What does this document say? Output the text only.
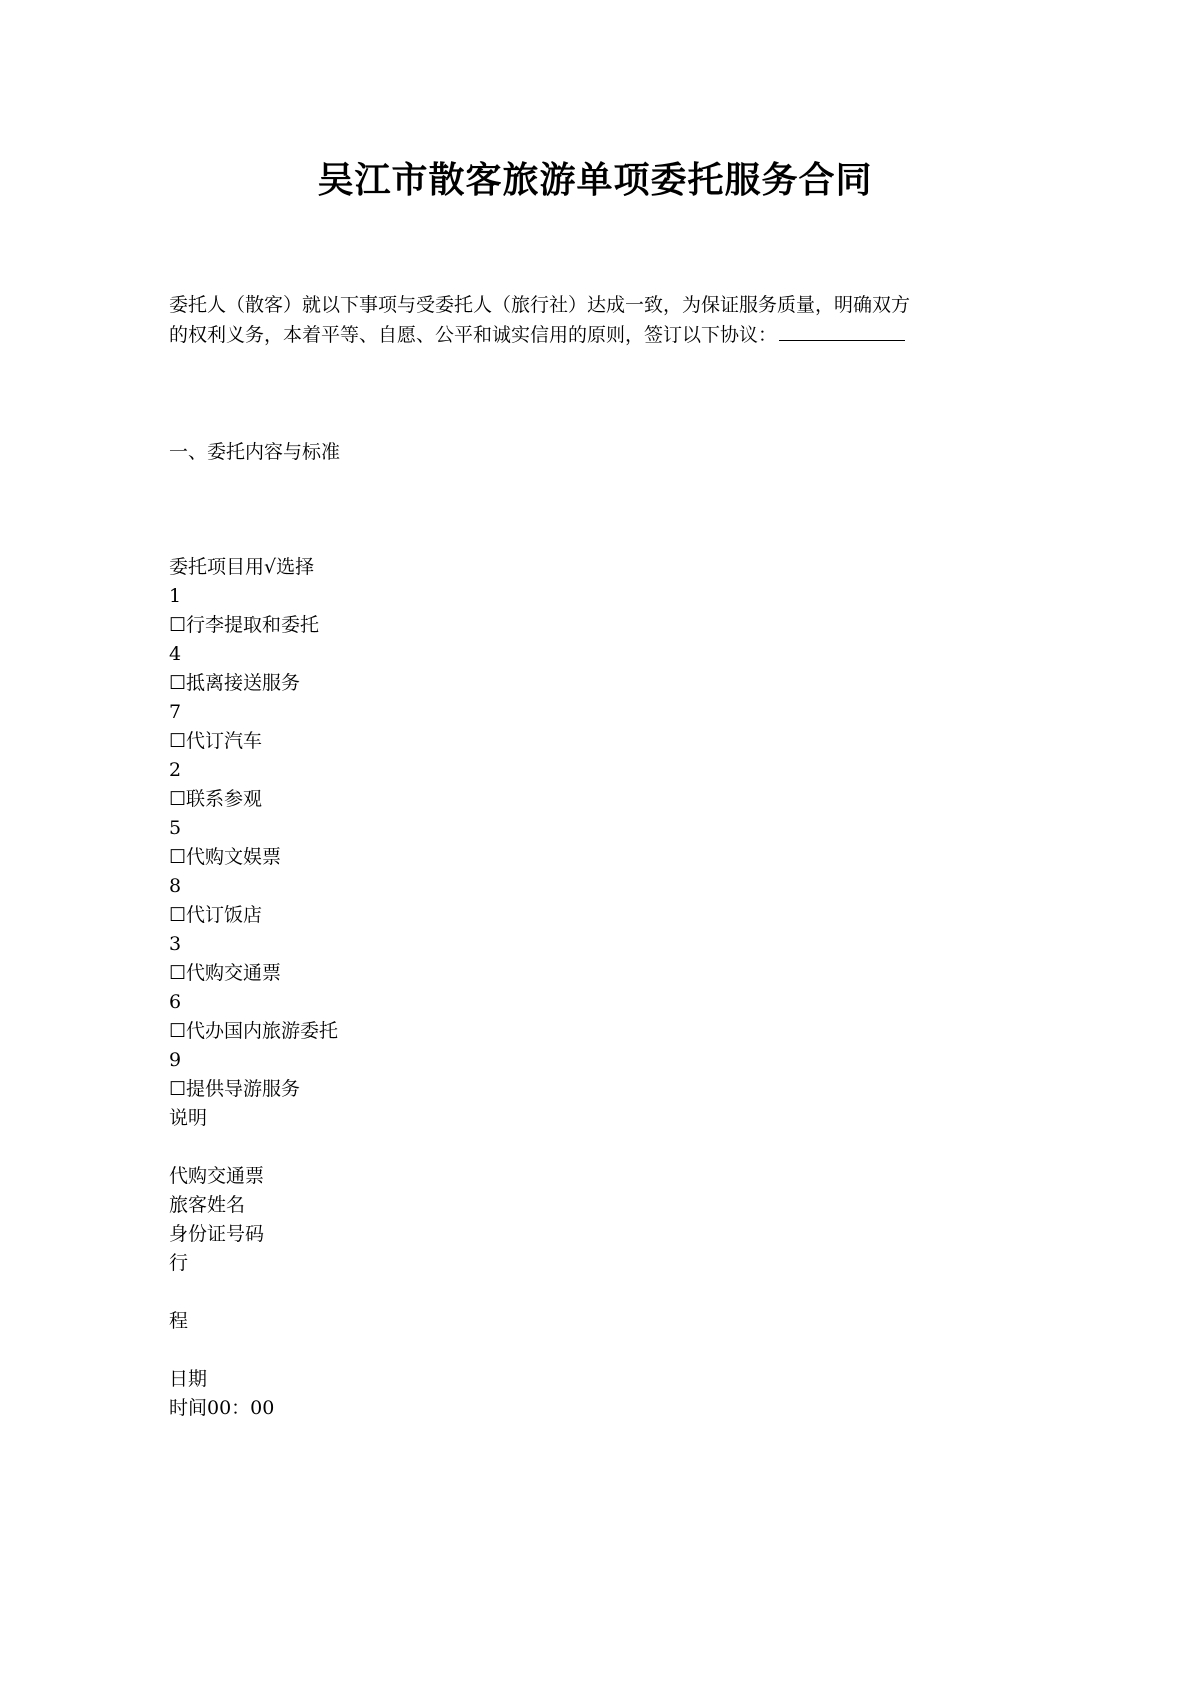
吴江市散客旅游单项委托服务合同
委托人（散客）就以下事项与受委托人（旅行社）达成一致，为保证服务质量，明确双方
的权利义务，本着平等、自愿、公平和诚实信用的原则，签订以下协议：
一、委托内容与标准
委托项目用√选择
1
☐行李提取和委托
4
☐抵离接送服务
7
☐代订汽车
2
☐联系参观
5
☐代购文娱票
8
☐代订饭店
3
☐代购交通票
6
☐代办国内旅游委托
9
☐提供导游服务
说明
代购交通票
旅客姓名
身份证号码
行
程
日期
时间00：00
